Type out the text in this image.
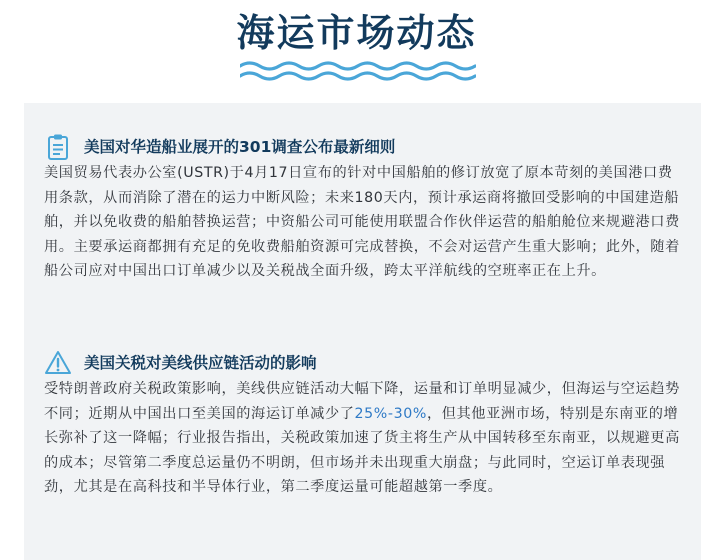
海运市场动态
美国对华造船业展开的301调查公布最新细则
美国贸易代表办公室(USTR)于4月17日宣布的针对中国船舶的修订放宽了原本苛刻的美国港口费用条款，从而消除了潜在的运力中断风险；未来180天内，预计承运商将撤回受影响的中国建造船舶，并以免收费的船舶替换运营；中资船公司可能使用联盟合作伙伴运营的船舶舱位来规避港口费用。主要承运商都拥有充足的免收费船舶资源可完成替换，不会对运营产生重大影响；此外，随着船公司应对中国出口订单减少以及关税战全面升级，跨太平洋航线的空班率正在上升。
美国关税对美线供应链活动的影响
受特朗普政府关税政策影响，美线供应链活动大幅下降，运量和订单明显减少，但海运与空运趋势不同；近期从中国出口至美国的海运订单减少了25%-30%，但其他亚洲市场，特别是东南亚的增长弥补了这一降幅；行业报告指出，关税政策加速了货主将生产从中国转移至东南亚，以规避更高的成本；尽管第二季度总运量仍不明朗，但市场并未出现重大崩盘；与此同时，空运订单表现强劲，尤其是在高科技和半导体行业，第二季度运量可能超越第一季度。
